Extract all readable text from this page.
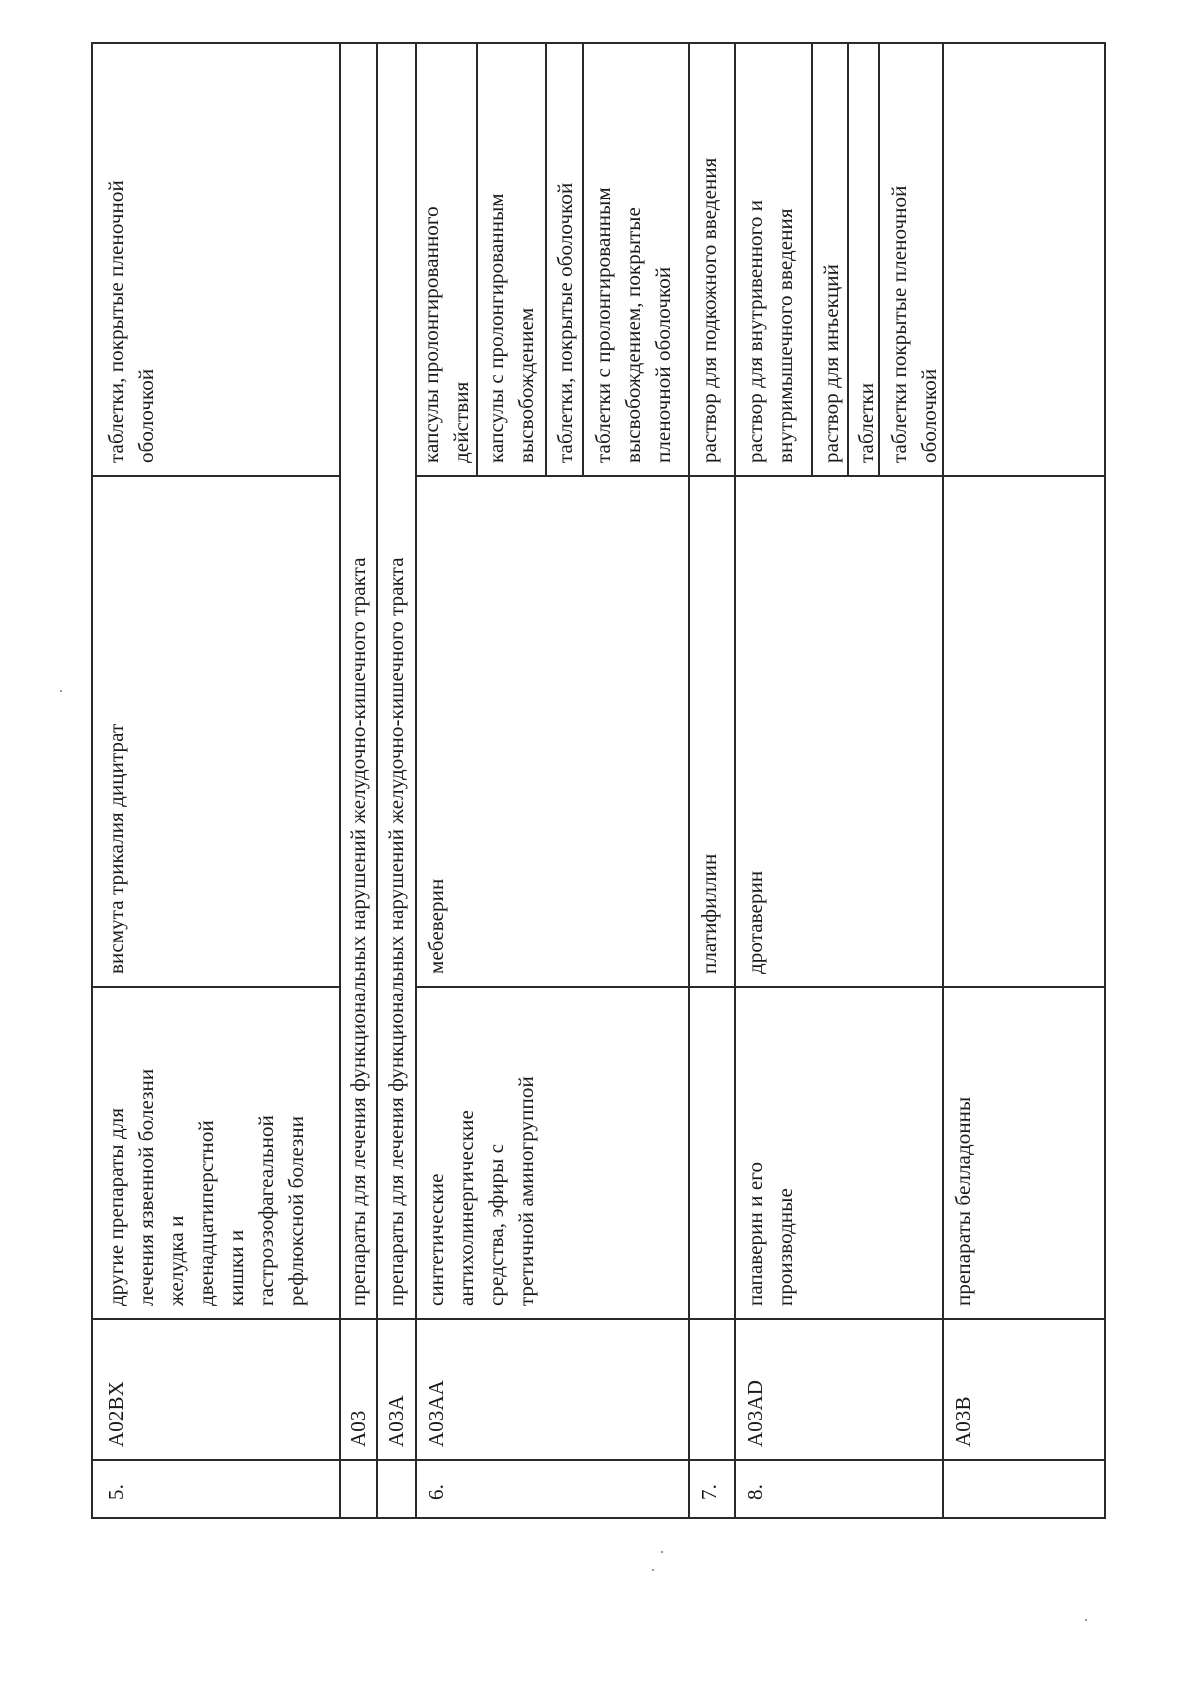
5.
A02BX
другие препараты для
лечения язвенной болезни
желудка и
двенадцатиперстной
кишки и
гастроэзофагеальной
рефлюксной болезни
висмута трикалия дицитрат
таблетки, покрытые пленочной
оболочкой
A03
препараты для лечения функциональных нарушений желудочно-кишечного тракта
A03A
препараты для лечения функциональных нарушений желудочно-кишечного тракта
6.
A03AA
синтетические
антихолинергические
средства, эфиры с
третичной аминогруппой
мебеверин
капсулы пролонгированного
действия капсулы с пролонгированным
высвобождением таблетки, покрытые оболочкой таблетки с пролонгированным
высвобождением, покрытые
пленочной оболочкой
7.
платифиллин
раствор для подкожного введения
8.
A03AD
папаверин и его
производные
дротаверин
раствор для внутривенного и
внутримышечного введения
раствор для инъекций таблетки таблетки покрытые пленочной
оболочкой
A03B
препараты белладонны
